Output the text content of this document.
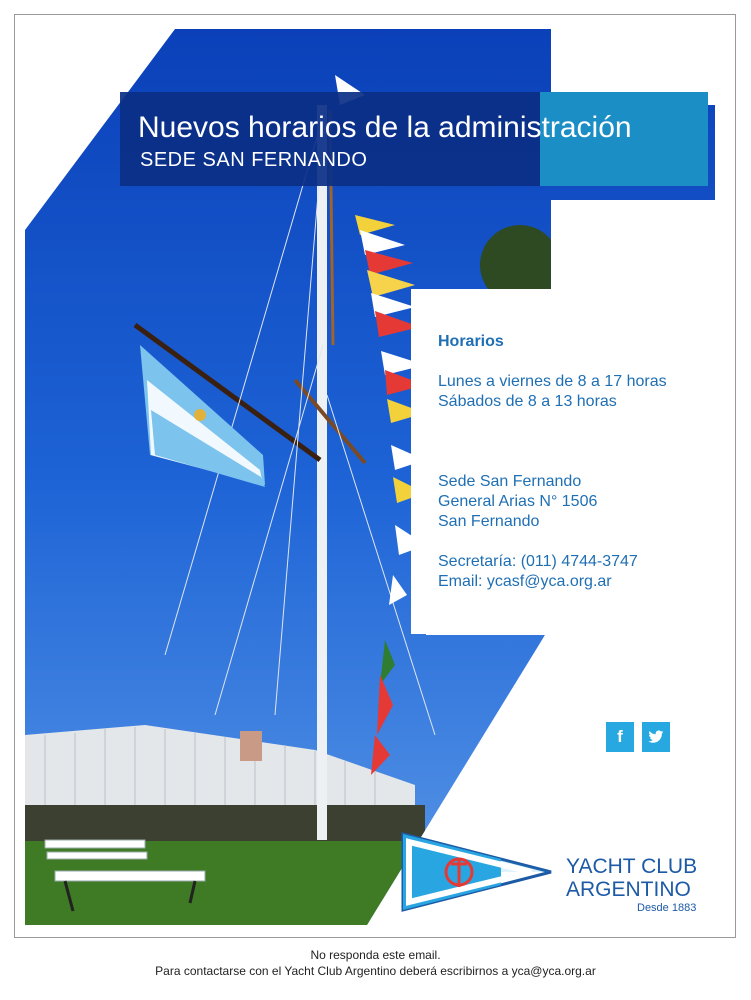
Nuevos horarios de la administración
SEDE SAN FERNANDO
Horarios
Lunes a viernes de 8 a 17 horas
Sábados de 8 a 13 horas
Sede San Fernando
General Arias N° 1506
San Fernando
Secretaría: (011) 4744-3747
Email: ycasf@yca.org.ar
f
YACHT CLUB
ARGENTINO
Desde 1883
No responda este email.
Para contactarse con el Yacht Club Argentino deberá escribirnos a yca@yca.org.ar
